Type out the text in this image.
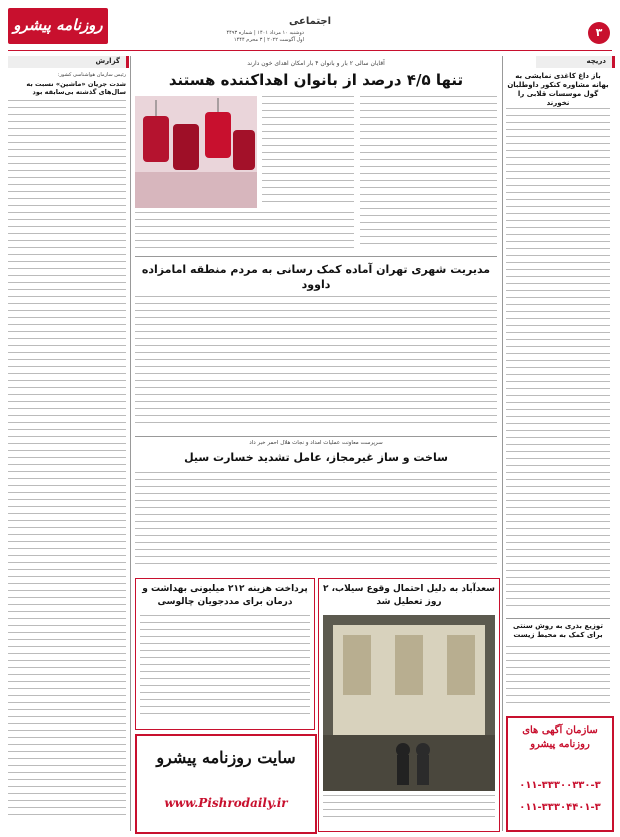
روزنامه پیشرو	دوشنبه ۱۰ مرداد ۱۴۰۱ | شماره ۴۴۹۳
اول آگوست ۲۰۲۲ | ۳ محرم ۱۴۴۴
اجتماعی
۳
دریچه
باز داغ کاغذی نمایشی به بهانه مشاوره کنکور داوطلبان گول موسسات قلابی را نخورند
توزیع بذری به روش سنتی برای کمک به محیط زیست
سازمان آگهی های روزنامه پیشرو
۰۱۱-۳۳۳۰۰۳۳۰-۳
۰۱۱-۳۳۳۰۴۴۰۱-۳
گزارش
رئیس سازمان هواشناسی کشور:
شدت جریان «ماشین» نسبت به سال‌های گذشته بی‌سابقه بود
آقایان سالی ۲ بار و بانوان ۴ بار امکان اهدای خون دارند
تنها ۴/۵ درصد از بانوان اهداکننده هستند
مدیریت شهری تهران آماده کمک رسانی به مردم منطقه امامزاده داوود
سرپرست معاونت عملیات امداد و نجات هلال احمر خبر داد
ساخت و ساز غیرمجاز، عامل تشدید خسارت سیل
سعدآباد به دلیل احتمال وقوع سیلاب، ۲ روز تعطیل شد
پرداخت هزینه ۲۱۲ میلیونی بهداشت و درمان برای مددجویان چالوسی
سایت روزنامه پیشرو
www.Pishrodaily.ir
